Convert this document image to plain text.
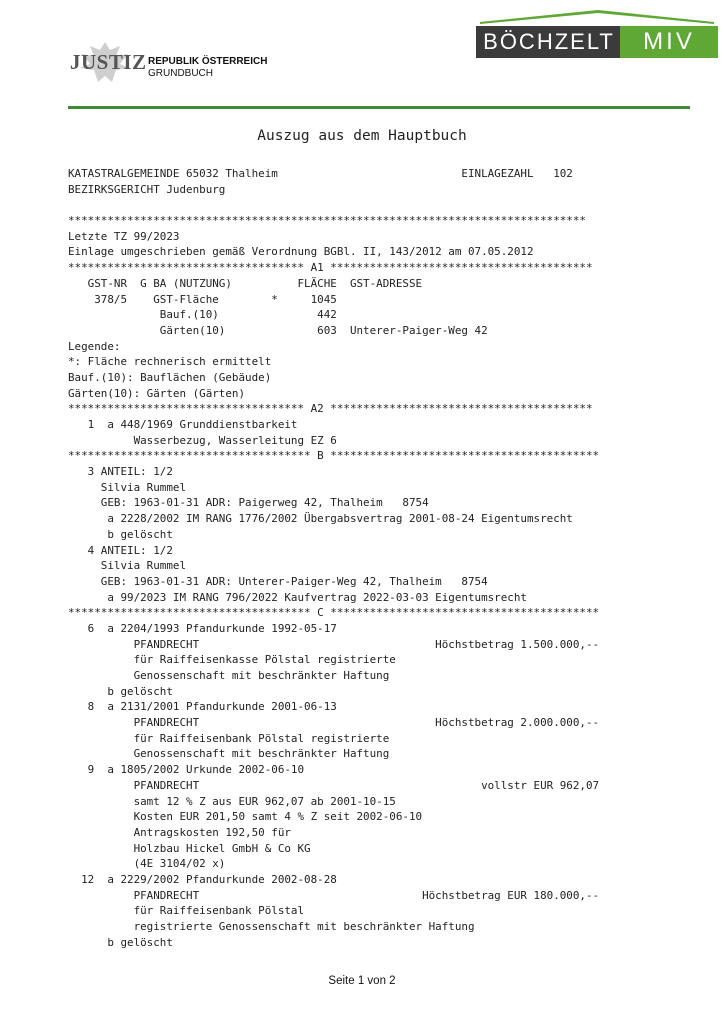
JUSTIZ REPUBLIK ÖSTERREICH
GRUNDBUCH
BÖCHZELT	MIV
Auszug aus dem Hauptbuch
KATASTRALGEMEINDE 65032 Thalheim                            EINLAGEZAHL   102
BEZIRKSGERICHT Judenburg
*******************************************************************************
Letzte TZ 99/2023
Einlage umgeschrieben gemäß Verordnung BGBl. II, 143/2012 am 07.05.2012
************************************ A1 ****************************************
GST-NR  G BA (NUTZUNG)          FLÄCHE  GST-ADRESSE
378/5    GST-Fläche        *     1045
Bauf.(10)               442
Gärten(10)              603  Unterer-Paiger-Weg 42
Legende:
*: Fläche rechnerisch ermittelt
Bauf.(10): Bauflächen (Gebäude)
Gärten(10): Gärten (Gärten)
************************************ A2 ****************************************
1  a 448/1969 Grunddienstbarkeit
Wasserbezug, Wasserleitung EZ 6
************************************* B *****************************************
3 ANTEIL: 1/2
Silvia Rummel
GEB: 1963-01-31 ADR: Paigerweg 42, Thalheim   8754
a 2228/2002 IM RANG 1776/2002 Übergabsvertrag 2001-08-24 Eigentumsrecht
b gelöscht
4 ANTEIL: 1/2
Silvia Rummel
GEB: 1963-01-31 ADR: Unterer-Paiger-Weg 42, Thalheim   8754
a 99/2023 IM RANG 796/2022 Kaufvertrag 2022-03-03 Eigentumsrecht
************************************* C *****************************************
6  a 2204/1993 Pfandurkunde 1992-05-17
PFANDRECHT                                    Höchstbetrag 1.500.000,--
für Raiffeisenkasse Pölstal registrierte
Genossenschaft mit beschränkter Haftung
b gelöscht
8  a 2131/2001 Pfandurkunde 2001-06-13
PFANDRECHT                                    Höchstbetrag 2.000.000,--
für Raiffeisenbank Pölstal registrierte
Genossenschaft mit beschränkter Haftung
9  a 1805/2002 Urkunde 2002-06-10
PFANDRECHT                                           vollstr EUR 962,07
samt 12 % Z aus EUR 962,07 ab 2001-10-15
Kosten EUR 201,50 samt 4 % Z seit 2002-06-10
Antragskosten 192,50 für
Holzbau Hickel GmbH & Co KG
(4E 3104/02 x)
12  a 2229/2002 Pfandurkunde 2002-08-28
PFANDRECHT                                  Höchstbetrag EUR 180.000,--
für Raiffeisenbank Pölstal
registrierte Genossenschaft mit beschränkter Haftung
b gelöscht
Seite 1 von 2
